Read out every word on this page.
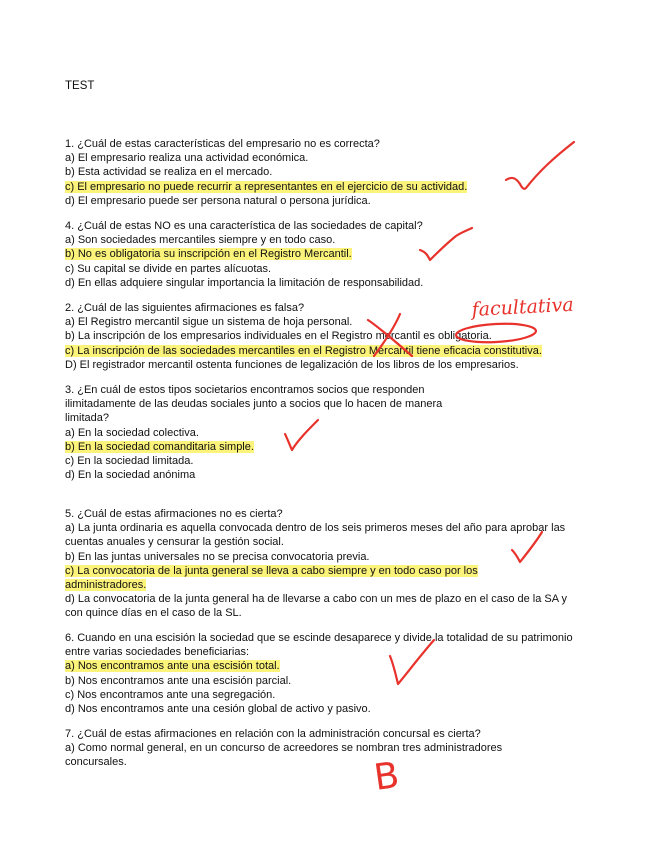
TEST

1. ¿Cuál de estas características del empresario no es correcta?

a) El empresario realiza una actividad económica.

b) Esta actividad se realiza en el mercado.

c) El empresario no puede recurrir a representantes en el ejercicio de su actividad.

d) El empresario puede ser persona natural o persona jurídica.

4. ¿Cuál de estas NO es una característica de las sociedades de capital?

a) Son sociedades mercantiles siempre y en todo caso.

b) No es obligatoria su inscripción en el Registro Mercantil.

c) Su capital se divide en partes alícuotas.

d) En ellas adquiere singular importancia la limitación de responsabilidad.

2. ¿Cuál de las siguientes afirmaciones es falsa?

a) El Registro mercantil sigue un sistema de hoja personal.

b) La inscripción de los empresarios individuales en el Registro mercantil es obligatoria.

c) La inscripción de las sociedades mercantiles en el Registro Mercantil tiene eficacia constitutiva.

D) El registrador mercantil ostenta funciones de legalización de los libros de los empresarios.

3. ¿En cuál de estos tipos societarios encontramos socios que responden ilimitadamente de las deudas sociales junto a socios que lo hacen de manera limitada?

a) En la sociedad colectiva.

b) En la sociedad comanditaria simple.

c) En la sociedad limitada.

d) En la sociedad anónima

5. ¿Cuál de estas afirmaciones no es cierta?

a) La junta ordinaria es aquella convocada dentro de los seis primeros meses del año para aprobar las cuentas anuales y censurar la gestión social.

b) En las juntas universales no se precisa convocatoria previa.

c) La convocatoria de la junta general se lleva a cabo siempre y en todo caso por los administradores.

d) La convocatoria de la junta general ha de llevarse a cabo con un mes de plazo en el caso de la SA y con quince días en el caso de la SL.

6. Cuando en una escisión la sociedad que se escinde desaparece y divide la totalidad de su patrimonio entre varias sociedades beneficiarias:

a) Nos encontramos ante una escisión total.

b) Nos encontramos ante una escisión parcial.

c) Nos encontramos ante una segregación.

d) Nos encontramos ante una cesión global de activo y pasivo.

7. ¿Cuál de estas afirmaciones en relación con la administración concursal es cierta?

a) Como normal general, en un concurso de acreedores se nombran tres administradores concursales.

facultativa
B
